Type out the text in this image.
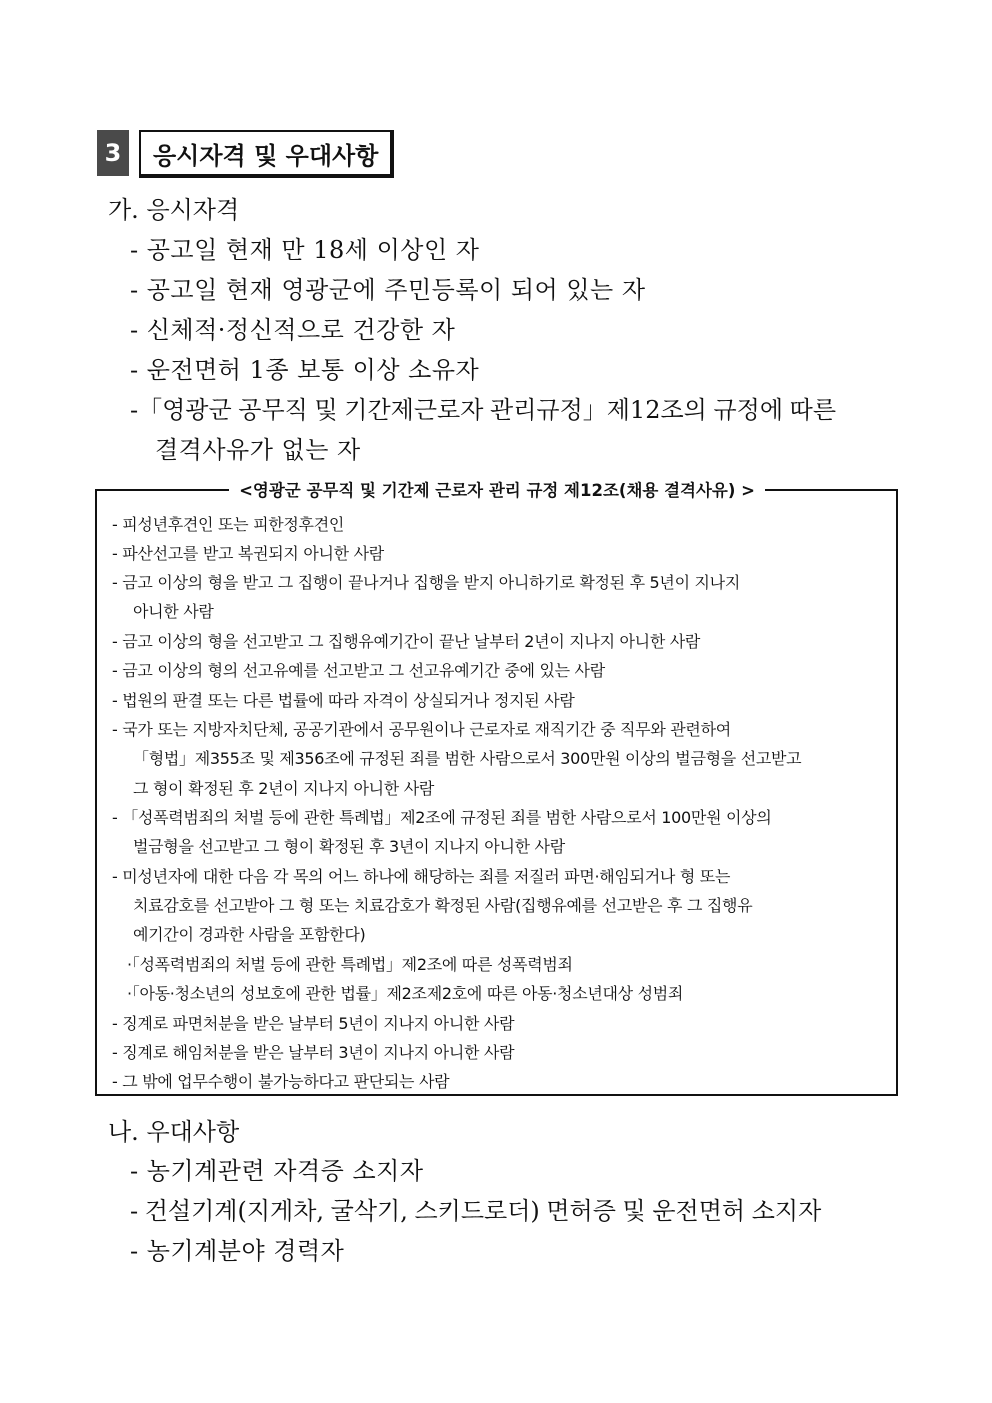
3	응시자격 및 우대사항
가. 응시자격
- 공고일 현재 만 18세 이상인 자
- 공고일 현재 영광군에 주민등록이 되어 있는 자
- 신체적·정신적으로 건강한 자
- 운전면허 1종 보통 이상 소유자
-「영광군 공무직 및 기간제근로자 관리규정」제12조의 규정에 따른
결격사유가 없는 자
<영광군 공무직 및 기간제 근로자 관리 규정 제12조(채용 결격사유) >
- 피성년후견인 또는 피한정후견인
- 파산선고를 받고 복권되지 아니한 사람
- 금고 이상의 형을 받고 그 집행이 끝나거나 집행을 받지 아니하기로 확정된 후 5년이 지나지
아니한 사람
- 금고 이상의 형을 선고받고 그 집행유예기간이 끝난 날부터 2년이 지나지 아니한 사람
- 금고 이상의 형의 선고유예를 선고받고 그 선고유예기간 중에 있는 사람
- 법원의 판결 또는 다른 법률에 따라 자격이 상실되거나 정지된 사람
- 국가 또는 지방자치단체, 공공기관에서 공무원이나 근로자로 재직기간 중 직무와 관련하여
「형법」제355조 및 제356조에 규정된 죄를 범한 사람으로서 300만원 이상의 벌금형을 선고받고
그 형이 확정된 후 2년이 지나지 아니한 사람
- 「성폭력범죄의 처벌 등에 관한 특례법」제2조에 규정된 죄를 범한 사람으로서 100만원 이상의
벌금형을 선고받고 그 형이 확정된 후 3년이 지나지 아니한 사람
- 미성년자에 대한 다음 각 목의 어느 하나에 해당하는 죄를 저질러 파면·해임되거나 형 또는
치료감호를 선고받아 그 형 또는 치료감호가 확정된 사람(집행유예를 선고받은 후 그 집행유
예기간이 경과한 사람을 포함한다)
·「성폭력범죄의 처벌 등에 관한 특례법」제2조에 따른 성폭력범죄
·「아동·청소년의 성보호에 관한 법률」제2조제2호에 따른 아동·청소년대상 성범죄
- 징계로 파면처분을 받은 날부터 5년이 지나지 아니한 사람
- 징계로 해임처분을 받은 날부터 3년이 지나지 아니한 사람
- 그 밖에 업무수행이 불가능하다고 판단되는 사람
나. 우대사항
- 농기계관련 자격증 소지자
- 건설기계(지게차, 굴삭기, 스키드로더) 면허증 및 운전면허 소지자
- 농기계분야 경력자
